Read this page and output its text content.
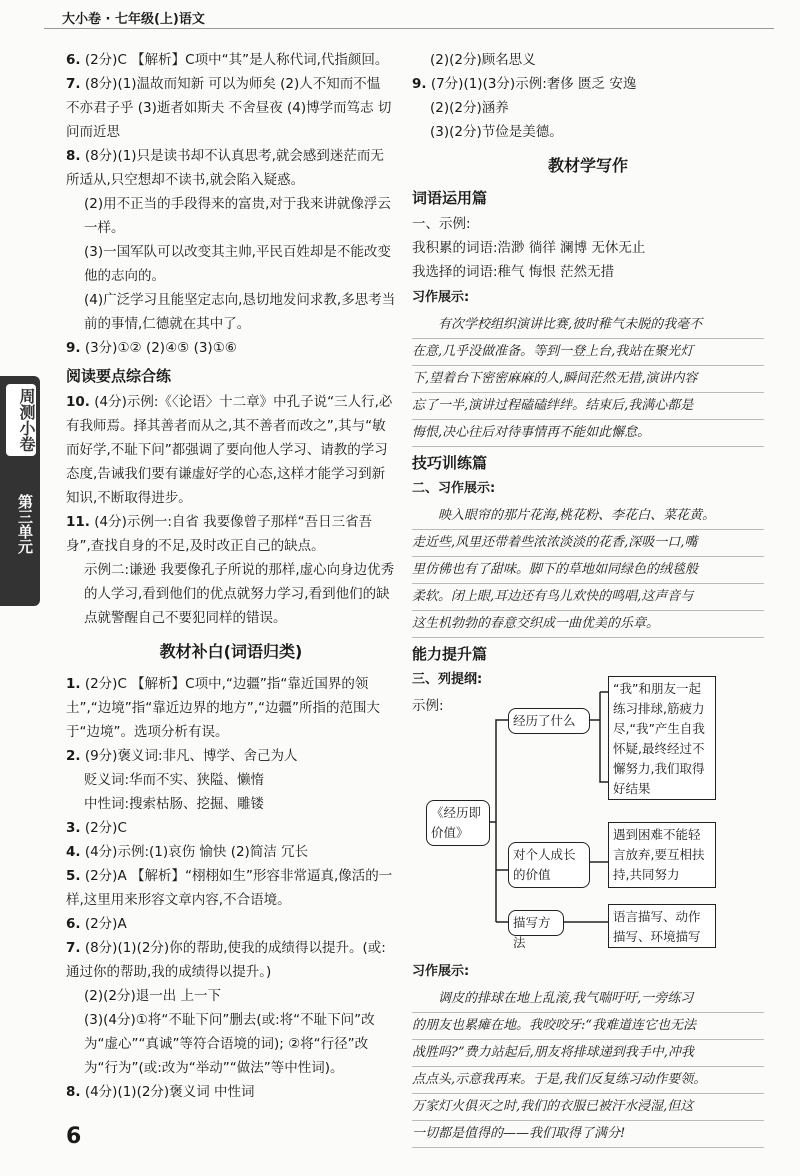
大小卷 · 七年级(上)语文
周测小卷
第三单元

6. (2分)C 【解析】C项中“其”是人称代词,代指颜回。

7. (8分)(1)温故而知新 可以为师矣 (2)人不知而不愠 不亦君子乎 (3)逝者如斯夫 不舍昼夜 (4)博学而笃志 切问而近思

8. (8分)(1)只是读书却不认真思考,就会感到迷茫而无所适从,只空想却不读书,就会陷入疑惑。

(2)用不正当的手段得来的富贵,对于我来讲就像浮云一样。

(3)一国军队可以改变其主帅,平民百姓却是不能改变他的志向的。

(4)广泛学习且能坚定志向,恳切地发问求教,多思考当前的事情,仁德就在其中了。

9. (3分)①② (2)④⑤ (3)①⑥

阅读要点综合练

10. (4分)示例:《〈论语〉十二章》中孔子说“三人行,必有我师焉。择其善者而从之,其不善者而改之”,其与“敏而好学,不耻下问”都强调了要向他人学习、请教的学习态度,告诫我们要有谦虚好学的心态,这样才能学习到新知识,不断取得进步。

11. (4分)示例一:自省 我要像曾子那样“吾日三省吾身”,查找自身的不足,及时改正自己的缺点。

示例二:谦逊 我要像孔子所说的那样,虚心向身边优秀的人学习,看到他们的优点就努力学习,看到他们的缺点就警醒自己不要犯同样的错误。

教材补白(词语归类)

1. (2分)C 【解析】C项中,“边疆”指“靠近国界的领土”,“边境”指“靠近边界的地方”,“边疆”所指的范围大于“边境”。选项分析有误。

2. (9分)褒义词:非凡、博学、舍己为人

贬义词:华而不实、狭隘、懒惰

中性词:搜索枯肠、挖掘、雕镂

3. (2分)C

4. (4分)示例:(1)哀伤 愉快 (2)简洁 冗长

5. (2分)A 【解析】“栩栩如生”形容非常逼真,像活的一样,这里用来形容文章内容,不合语境。

6. (2分)A

7. (8分)(1)(2分)你的帮助,使我的成绩得以提升。(或:通过你的帮助,我的成绩得以提升。)

(2)(2分)退一出 上一下

(3)(4分)①将“不耻下问”删去(或:将“不耻下问”改为“虚心”“真诚”等符合语境的词); ②将“行径”改为“行为”(或:改为“举动”“做法”等中性词)。

8. (4分)(1)(2分)褒义词 中性词

(2)(2分)顾名思义

9. (7分)(1)(3分)示例:奢侈 匮乏 安逸

(2)(2分)涵养

(3)(2分)节俭是美德。

教材学写作
词语运用篇
一、示例:
我积累的词语:浩渺 徜徉 澜博 无休无止
我选择的词语:稚气 悔恨 茫然无措
习作展示:
有次学校组织演讲比赛,彼时稚气未脱的我毫不
在意,几乎没做准备。等到一登上台,我站在聚光灯
下,望着台下密密麻麻的人,瞬间茫然无措,演讲内容
忘了一半,演讲过程磕磕绊绊。结束后,我满心都是
悔恨,决心往后对待事情再不能如此懈怠。
技巧训练篇
二、习作展示:
映入眼帘的那片花海,桃花粉、李花白、菜花黄。
走近些,风里还带着些浓浓淡淡的花香,深吸一口,嘴
里仿佛也有了甜味。脚下的草地如同绿色的绒毯般
柔软。闭上眼,耳边还有鸟儿欢快的鸣唱,这声音与
这生机勃勃的春意交织成一曲优美的乐章。
能力提升篇
三、列提纲:
示例:
《经历即价值》
经历了什么
“我”和朋友一起练习排球,筋疲力尽,“我”产生自我怀疑,最终经过不懈努力,我们取得好结果
对个人成长的价值
遇到困难不能轻言放弃,要互相扶持,共同努力
描写方法
语言描写、动作描写、环境描写
习作展示:
调皮的排球在地上乱滚,我气喘吁吁,一旁练习
的朋友也累瘫在地。我咬咬牙:“我难道连它也无法
战胜吗?”费力站起后,朋友将排球递到我手中,冲我
点点头,示意我再来。于是,我们反复练习动作要领。
万家灯火俱灭之时,我们的衣服已被汗水浸湿,但这
一切都是值得的——我们取得了满分!
6
